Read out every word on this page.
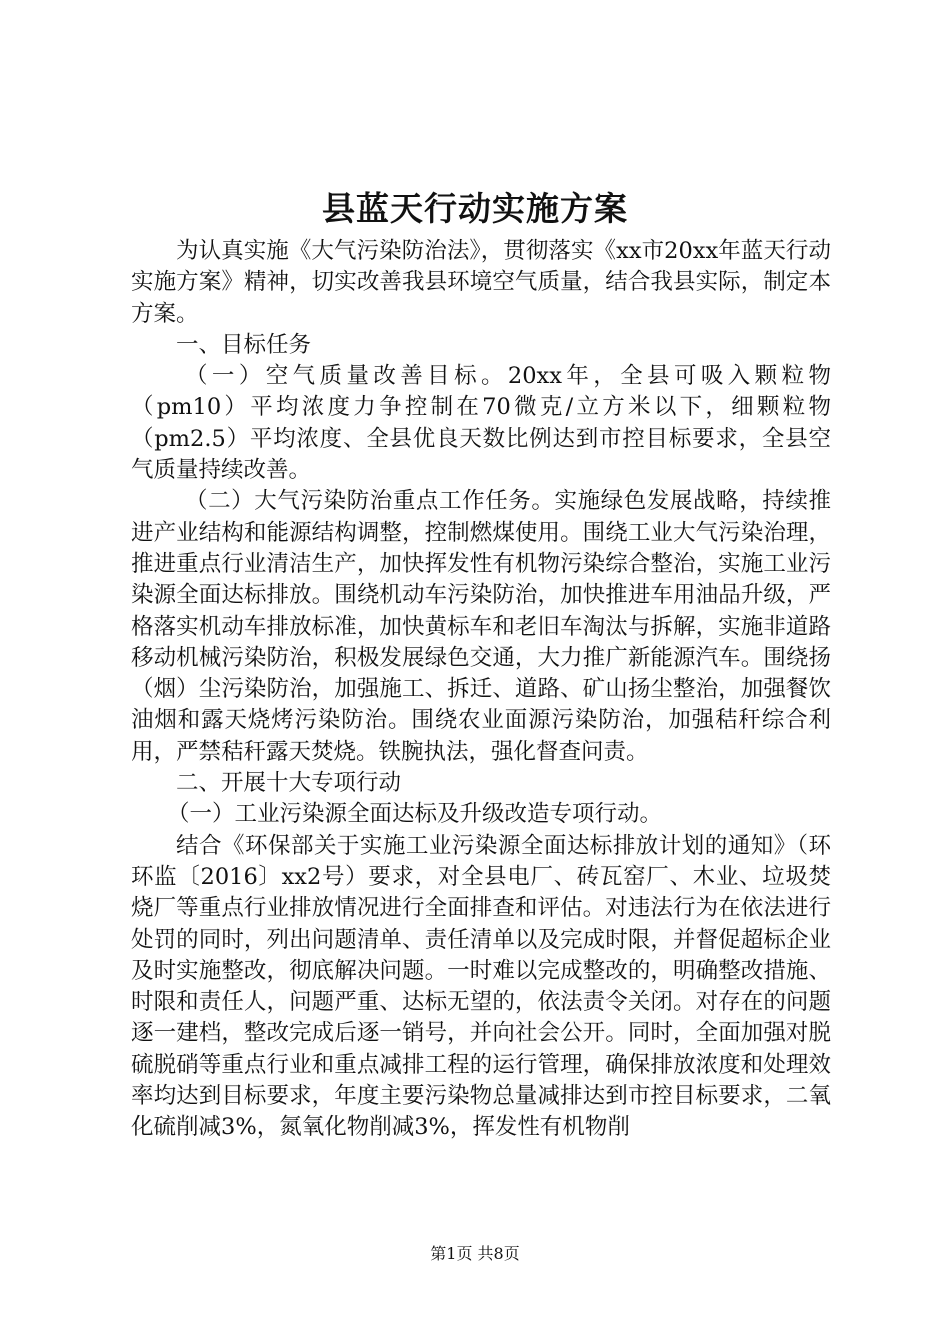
县蓝天行动实施方案

为认真实施《大气污染防治法》，贯彻落实《xx市20xx年蓝天行动实施方案》精神，切实改善我县环境空气质量，结合我县实际，制定本方案。

一、目标任务

（一）空气质量改善目标。20xx年，全县可吸入颗粒物（pm10）平均浓度力争控制在70微克/立方米以下，细颗粒物（pm2.5）平均浓度、全县优良天数比例达到市控目标要求，全县空气质量持续改善。

（二）大气污染防治重点工作任务。实施绿色发展战略，持续推进产业结构和能源结构调整，控制燃煤使用。围绕工业大气污染治理，推进重点行业清洁生产，加快挥发性有机物污染综合整治，实施工业污染源全面达标排放。围绕机动车污染防治，加快推进车用油品升级，严格落实机动车排放标准，加快黄标车和老旧车淘汰与拆解，实施非道路移动机械污染防治，积极发展绿色交通，大力推广新能源汽车。围绕扬（烟）尘污染防治，加强施工、拆迁、道路、矿山扬尘整治，加强餐饮油烟和露天烧烤污染防治。围绕农业面源污染防治，加强秸秆综合利用，严禁秸秆露天焚烧。铁腕执法，强化督查问责。

二、开展十大专项行动

（一）工业污染源全面达标及升级改造专项行动。

结合《环保部关于实施工业污染源全面达标排放计划的通知》（环环监〔2016〕xx2号）要求，对全县电厂、砖瓦窑厂、木业、垃圾焚烧厂等重点行业排放情况进行全面排查和评估。对违法行为在依法进行处罚的同时，列出问题清单、责任清单以及完成时限，并督促超标企业及时实施整改，彻底解决问题。一时难以完成整改的，明确整改措施、时限和责任人，问题严重、达标无望的，依法责令关闭。对存在的问题逐一建档，整改完成后逐一销号，并向社会公开。同时，全面加强对脱硫脱硝等重点行业和重点减排工程的运行管理，确保排放浓度和处理效率均达到目标要求，年度主要污染物总量减排达到市控目标要求，二氧化硫削减3%，氮氧化物削减3%，挥发性有机物削

第1页 共8页
